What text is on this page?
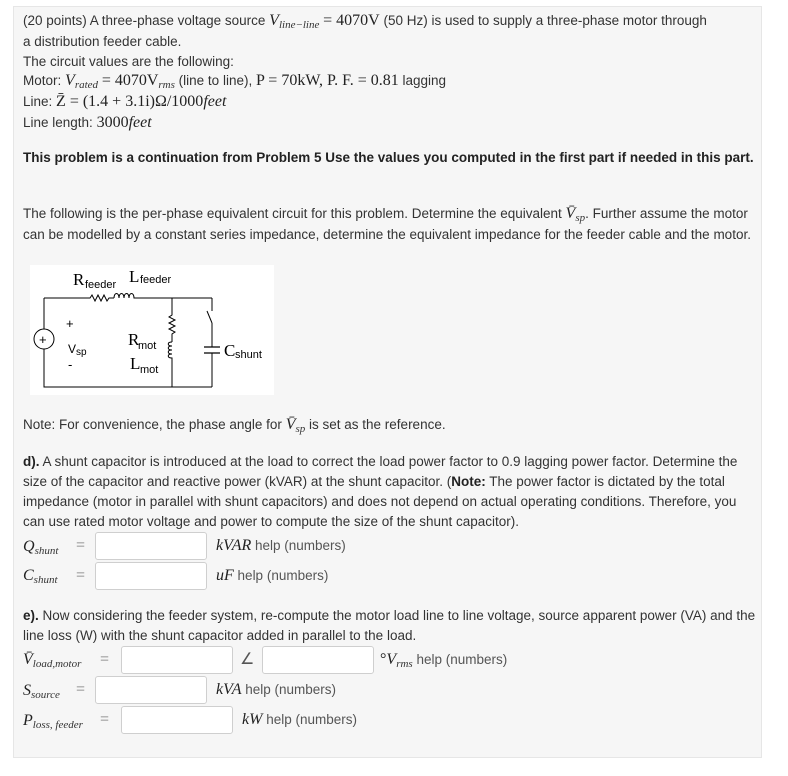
(20 points) A three-phase voltage source $V_{line-line} = 4070V$ (50 Hz) is used to supply a three-phase motor through
a distribution feeder cable.
The circuit values are the following:
Motor: $V_{rated} = 4070V_{rms}$ (line to line), P = 70kW, P. F. = 0.81 lagging
Line: Z̄ = (1.4 + 3.1i)Ω/1000feet
Line length: 3000feet
This problem is a continuation from Problem 5 Use the values you computed in the first part if needed in this part.
The following is the per-phase equivalent circuit for this problem. Determine the equivalent $V̄_{sp}$. Further assume the motor can be modelled by a constant series impedance, determine the equivalent impedance for the feeder cable and the motor.
R feeder L feeder
+
+
V sp
-
R
mot
L mot
C shunt
Note: For convenience, the phase angle for $V̄_{sp}$ is set as the reference.
d). A shunt capacitor is introduced at the load to correct the load power factor to 0.9 lagging power factor. Determine the size of the capacitor and reactive power (kVAR) at the shunt capacitor. (Note: The power factor is dictated by the total impedance (motor in parallel with shunt capacitors) and does not depend on actual operating conditions. Therefore, you can use rated motor voltage and power to compute the size of the shunt capacitor).
$Q_{shunt}$ =	kVAR help (numbers)
$C_{shunt}$ =	uF help (numbers)
e). Now considering the feeder system, re-compute the motor load line to line voltage, source apparent power (VA) and the line loss (W) with the shunt capacitor added in parallel to the load.
$V̄_{load,motor}$ =	∠	$^\circ V_{rms}$ help (numbers)
$S_{source}$ =	kVA help (numbers)
$P_{loss, feeder}$ =	kW help (numbers)
